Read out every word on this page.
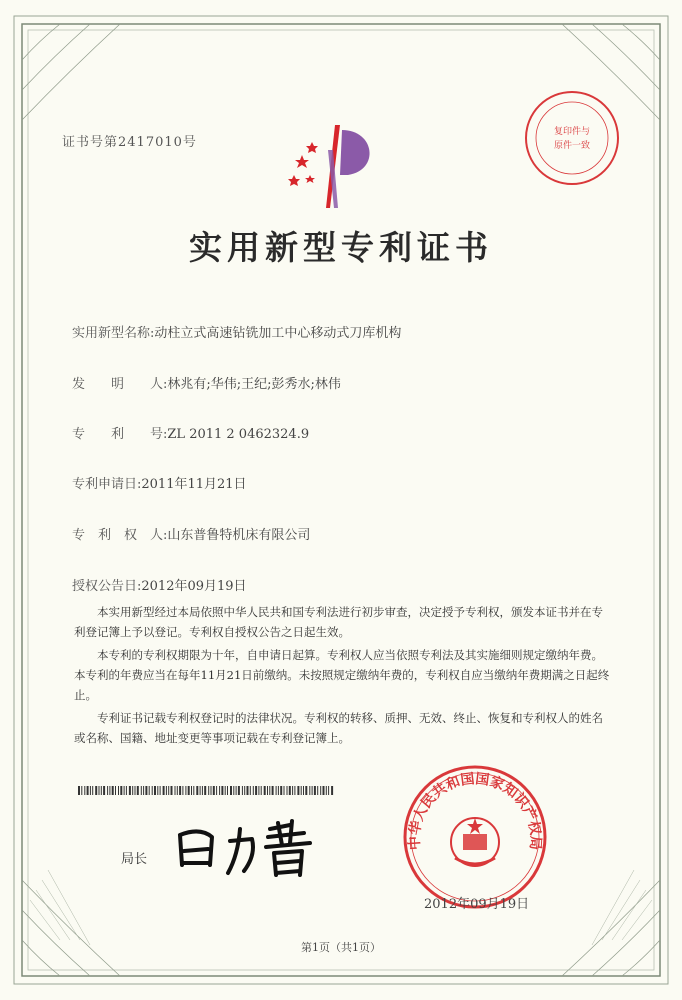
证书号第2417010号
复印件与
原件一致
实用新型专利证书
实用新型名称:动柱立式高速钻铣加工中心移动式刀库机构
发　　明　　人:林兆有;华伟;王纪;彭秀水;林伟
专　　利　　号:ZL 2011 2 0462324.9
专利申请日:2011年11月21日
专　利　权　人:山东普鲁特机床有限公司
授权公告日:2012年09月19日

本实用新型经过本局依照中华人民共和国专利法进行初步审查，决定授予专利权，颁发本证书并在专利登记簿上予以登记。专利权自授权公告之日起生效。

本专利的专利权期限为十年，自申请日起算。专利权人应当依照专利法及其实施细则规定缴纳年费。本专利的年费应当在每年11月21日前缴纳。未按照规定缴纳年费的，专利权自应当缴纳年费期满之日起终止。

专利证书记载专利权登记时的法律状况。专利权的转移、质押、无效、终止、恢复和专利权人的姓名或名称、国籍、地址变更等事项记载在专利登记簿上。

局长
中华人民共和国国家知识产权局
2012年09月19日
第1页（共1页）
